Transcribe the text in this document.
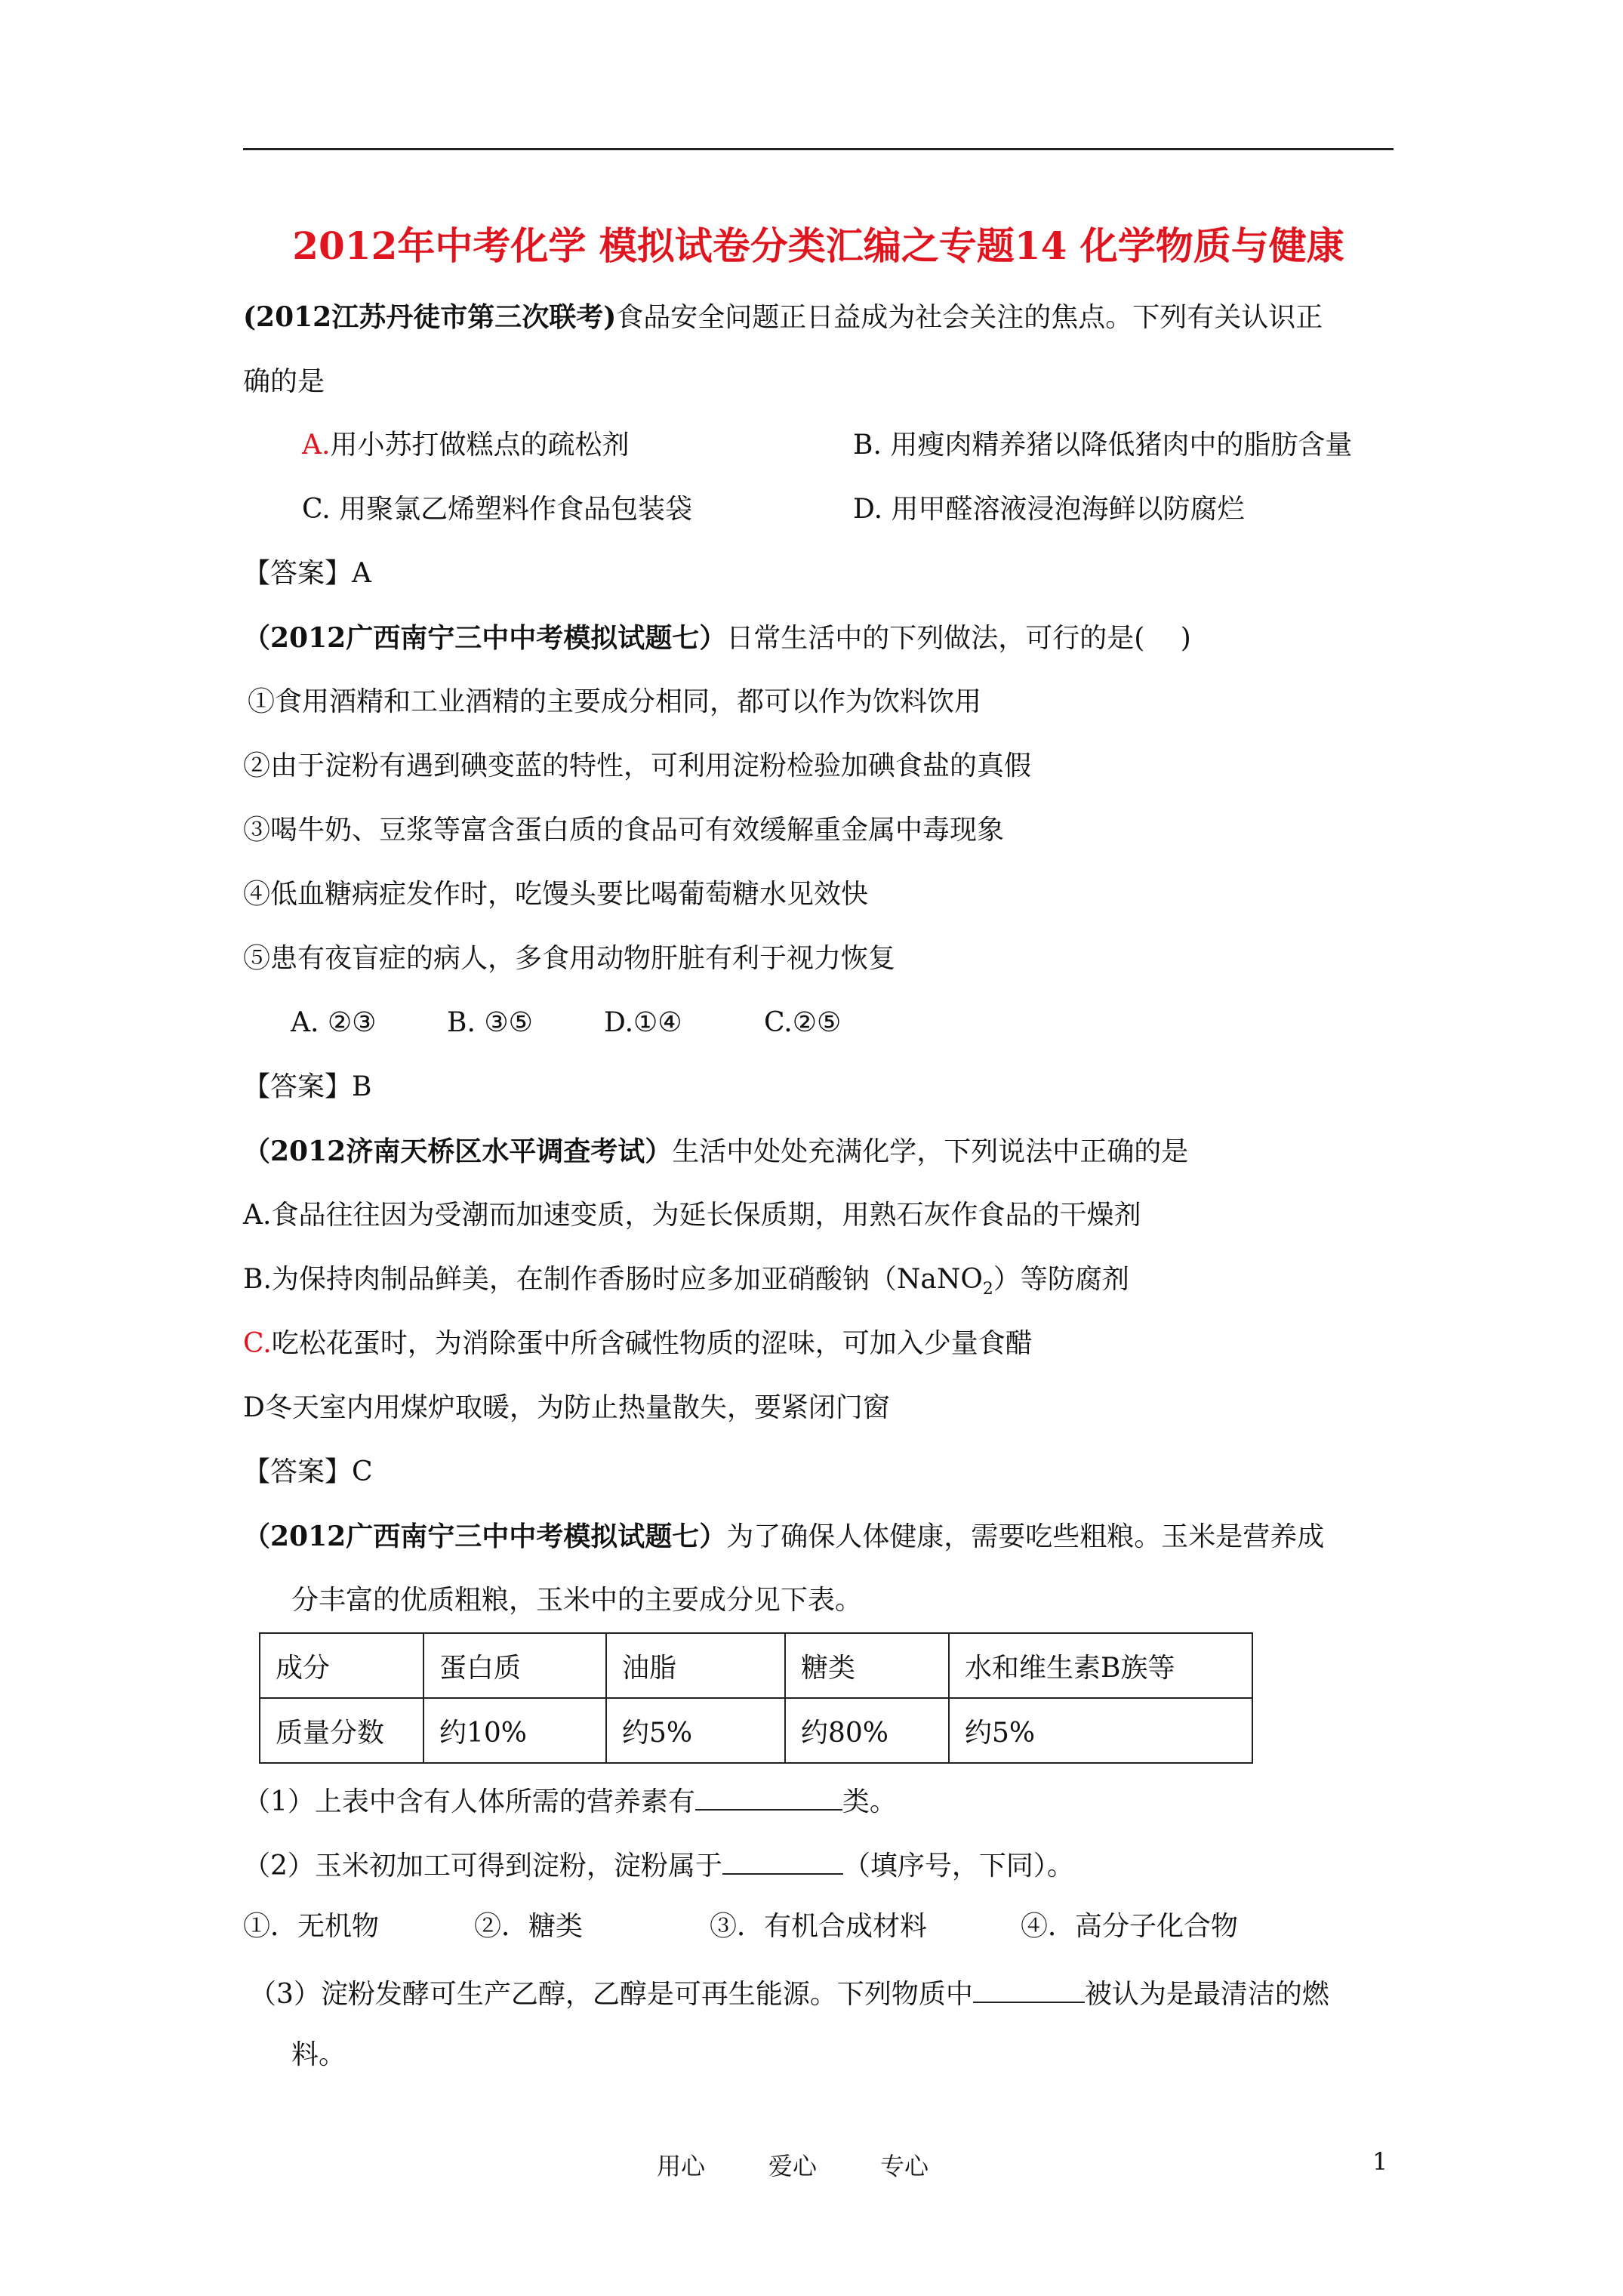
2012年中考化学 模拟试卷分类汇编之专题14 化学物质与健康
(2012江苏丹徒市第三次联考)食品安全问题正日益成为社会关注的焦点。下列有关认识正
确的是
A.用小苏打做糕点的疏松剂	B. 用瘦肉精养猪以降低猪肉中的脂肪含量
C. 用聚氯乙烯塑料作食品包装袋	D. 用甲醛溶液浸泡海鲜以防腐烂
【答案】A
（2012广西南宁三中中考模拟试题七）日常生活中的下列做法，可行的是(　 )
①食用酒精和工业酒精的主要成分相同，都可以作为饮料饮用
②由于淀粉有遇到碘变蓝的特性，可利用淀粉检验加碘食盐的真假
③喝牛奶、豆浆等富含蛋白质的食品可有效缓解重金属中毒现象
④低血糖病症发作时，吃馒头要比喝葡萄糖水见效快
⑤患有夜盲症的病人，多食用动物肝脏有利于视力恢复
A. ②③	B. ③⑤	D.①④	C.②⑤
【答案】B
（2012济南天桥区水平调查考试）生活中处处充满化学，下列说法中正确的是
A.食品往往因为受潮而加速变质，为延长保质期，用熟石灰作食品的干燥剂
B.为保持肉制品鲜美，在制作香肠时应多加亚硝酸钠（NaNO$_2$）等防腐剂
C.吃松花蛋时，为消除蛋中所含碱性物质的涩味，可加入少量食醋
D冬天室内用煤炉取暖，为防止热量散失，要紧闭门窗
【答案】C
（2012广西南宁三中中考模拟试题七）为了确保人体健康，需要吃些粗粮。玉米是营养成
分丰富的优质粗粮，玉米中的主要成分见下表。
成分	蛋白质	油脂	糖类	水和维生素B族等
质量分数	约10%	约5%	约80%	约5%
（1）上表中含有人体所需的营养素有	类。
（2）玉米初加工可得到淀粉，淀粉属于	（填序号，下同）。
①．无机物	②．糖类	③．有机合成材料	④．高分子化合物
（3）淀粉发酵可生产乙醇，乙醇是可再生能源。下列物质中	被认为是最清洁的燃
料。
用心	爱心	专心	1
